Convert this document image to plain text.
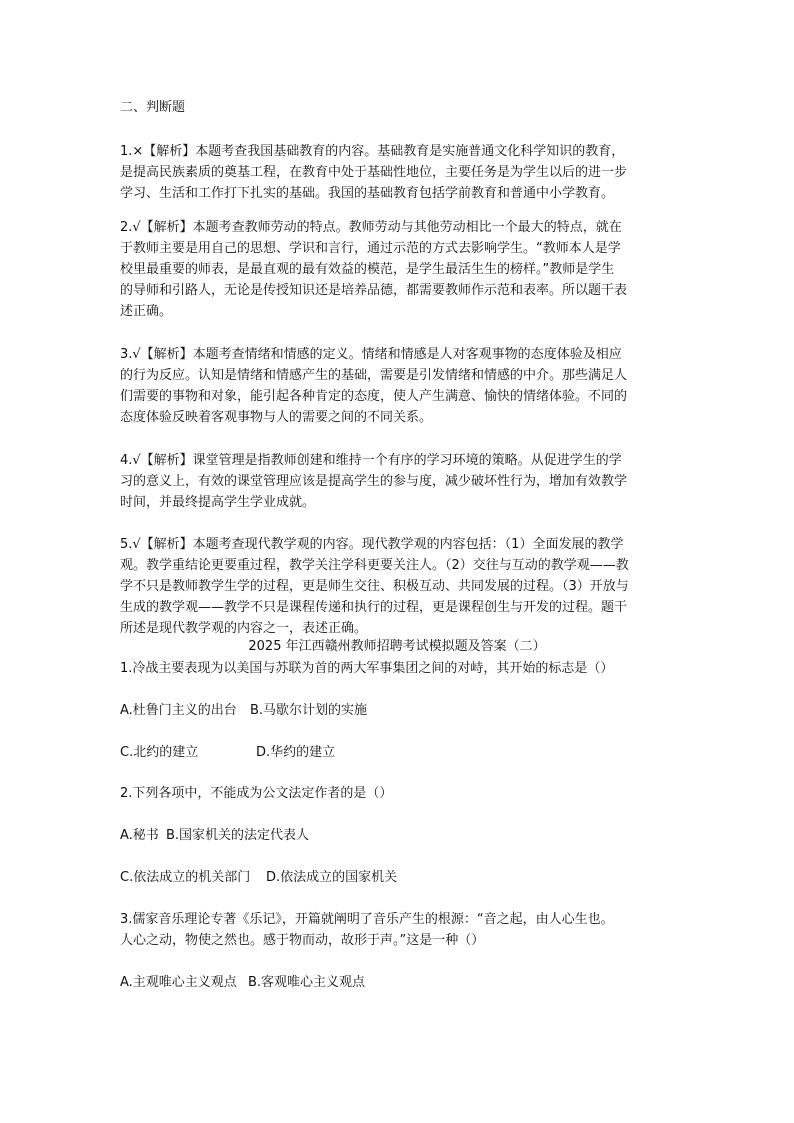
二、判断题
1.×【解析】本题考查我国基础教育的内容。基础教育是实施普通文化科学知识的教育，
是提高民族素质的奠基工程，在教育中处于基础性地位，主要任务是为学生以后的进一步
学习、生活和工作打下扎实的基础。我国的基础教育包括学前教育和普通中小学教育。
2.√【解析】本题考查教师劳动的特点。教师劳动与其他劳动相比一个最大的特点，就在
于教师主要是用自己的思想、学识和言行，通过示范的方式去影响学生。“教师本人是学
校里最重要的师表，是最直观的最有效益的模范，是学生最活生生的榜样。”教师是学生
的导师和引路人，无论是传授知识还是培养品德，都需要教师作示范和表率。所以题干表
述正确。
3.√【解析】本题考查情绪和情感的定义。情绪和情感是人对客观事物的态度体验及相应
的行为反应。认知是情绪和情感产生的基础，需要是引发情绪和情感的中介。那些满足人
们需要的事物和对象，能引起各种肯定的态度，使人产生满意、愉快的情绪体验。不同的
态度体验反映着客观事物与人的需要之间的不同关系。
4.√【解析】课堂管理是指教师创建和维持一个有序的学习环境的策略。从促进学生的学
习的意义上，有效的课堂管理应该是提高学生的参与度，减少破坏性行为，增加有效教学
时间，并最终提高学生学业成就。
5.√【解析】本题考查现代教学观的内容。现代教学观的内容包括：（1）全面发展的教学
观。教学重结论更要重过程，教学关注学科更要关注人。（2）交往与互动的教学观——教
学不只是教师教学生学的过程，更是师生交往、积极互动、共同发展的过程。（3）开放与
生成的教学观——教学不只是课程传递和执行的过程，更是课程创生与开发的过程。题干
所述是现代教学观的内容之一，表述正确。
2025 年江西赣州教师招聘考试模拟题及答案（二）
1.冷战主要表现为以美国与苏联为首的两大军事集团之间的对峙，其开始的标志是（）
A.杜鲁门主义的出台 B.马歇尔计划的实施
C.北约的建立	D.华约的建立
2.下列各项中，不能成为公文法定作者的是（）
A.秘书 B.国家机关的法定代表人
C.依法成立的机关部门 D.依法成立的国家机关
3.儒家音乐理论专著《乐记》，开篇就阐明了音乐产生的根源：“音之起，由人心生也。
人心之动，物使之然也。感于物而动，故形于声。”这是一种（）
A.主观唯心主义观点 B.客观唯心主义观点
